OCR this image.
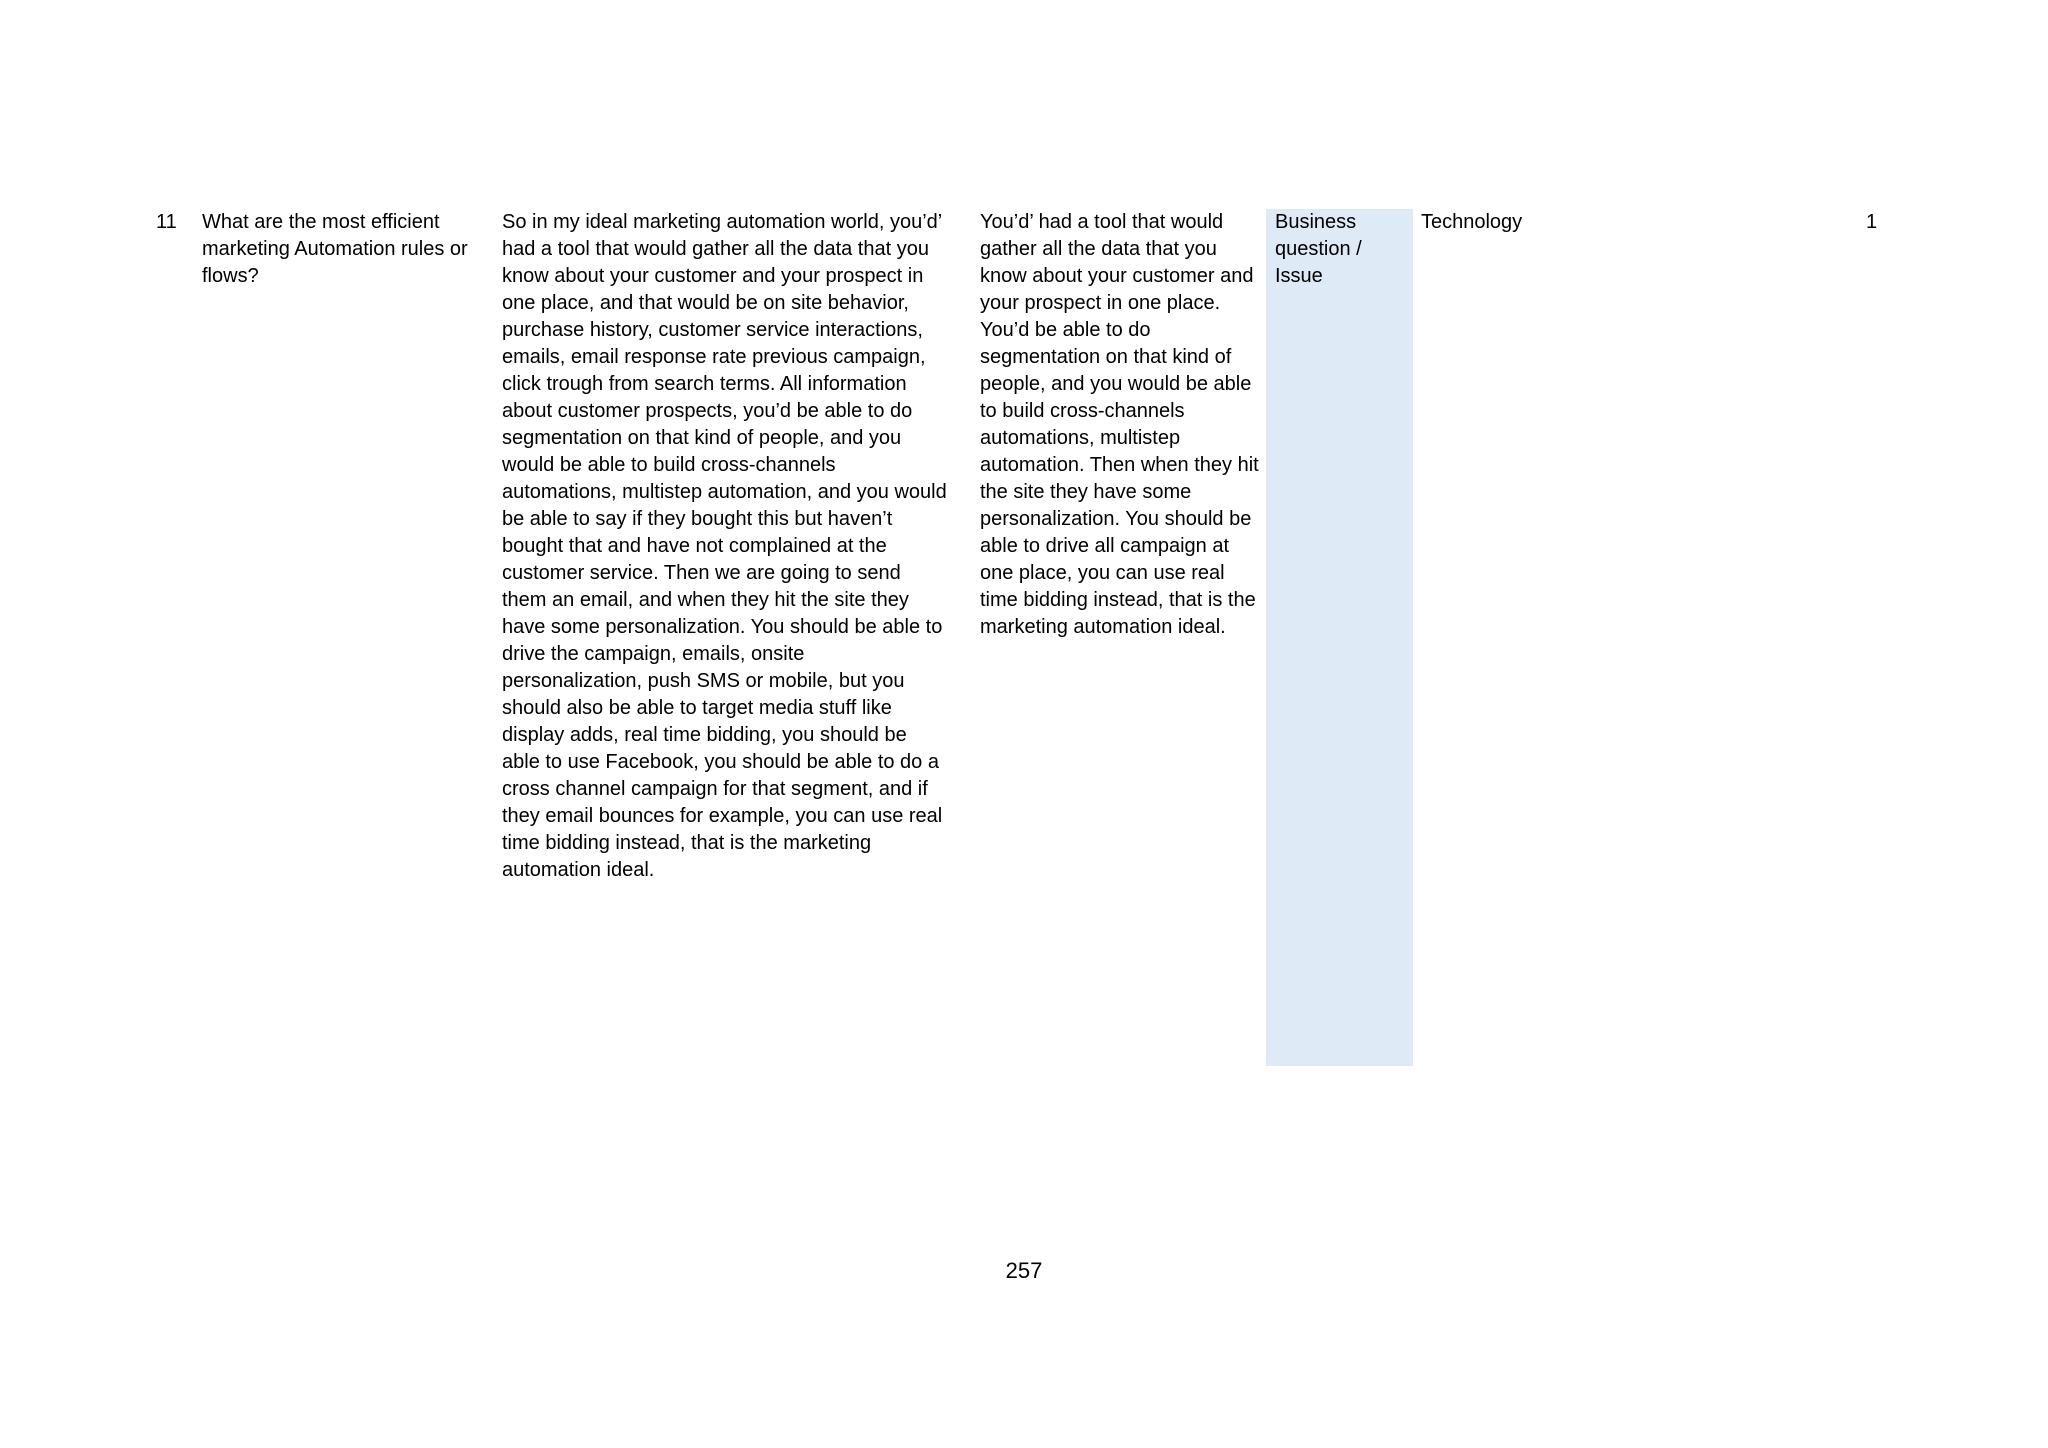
11	What are the most efficient marketing Automation rules or flows?
So in my ideal marketing automation world, you’d’ had a tool that would gather all the data that you know about your customer and your prospect in one place, and that would be on site behavior, purchase history, customer service interactions, emails, email response rate previous campaign, click trough from search terms. All information about customer prospects, you’d be able to do segmentation on that kind of people, and you would be able to build cross-channels automations, multistep automation, and you would be able to say if they bought this but haven’t bought that and have not complained at the customer service. Then we are going to send them an email, and when they hit the site they have some personalization. You should be able to drive the campaign, emails, onsite personalization, push SMS or mobile, but you should also be able to target media stuff like display adds, real time bidding, you should be able to use Facebook, you should be able to do a cross channel campaign for that segment, and if they email bounces for example, you can use real time bidding instead, that is the marketing automation ideal.
You’d’ had a tool that would gather all the data that you know about your customer and your prospect in one place. You’d be able to do segmentation on that kind of people, and you would be able to build cross-channels automations, multistep automation. Then when they hit the site they have some personalization. You should be able to drive all campaign at one place, you can use real time bidding instead, that is the marketing automation ideal.
Business question / Issue
Technology	1
257
